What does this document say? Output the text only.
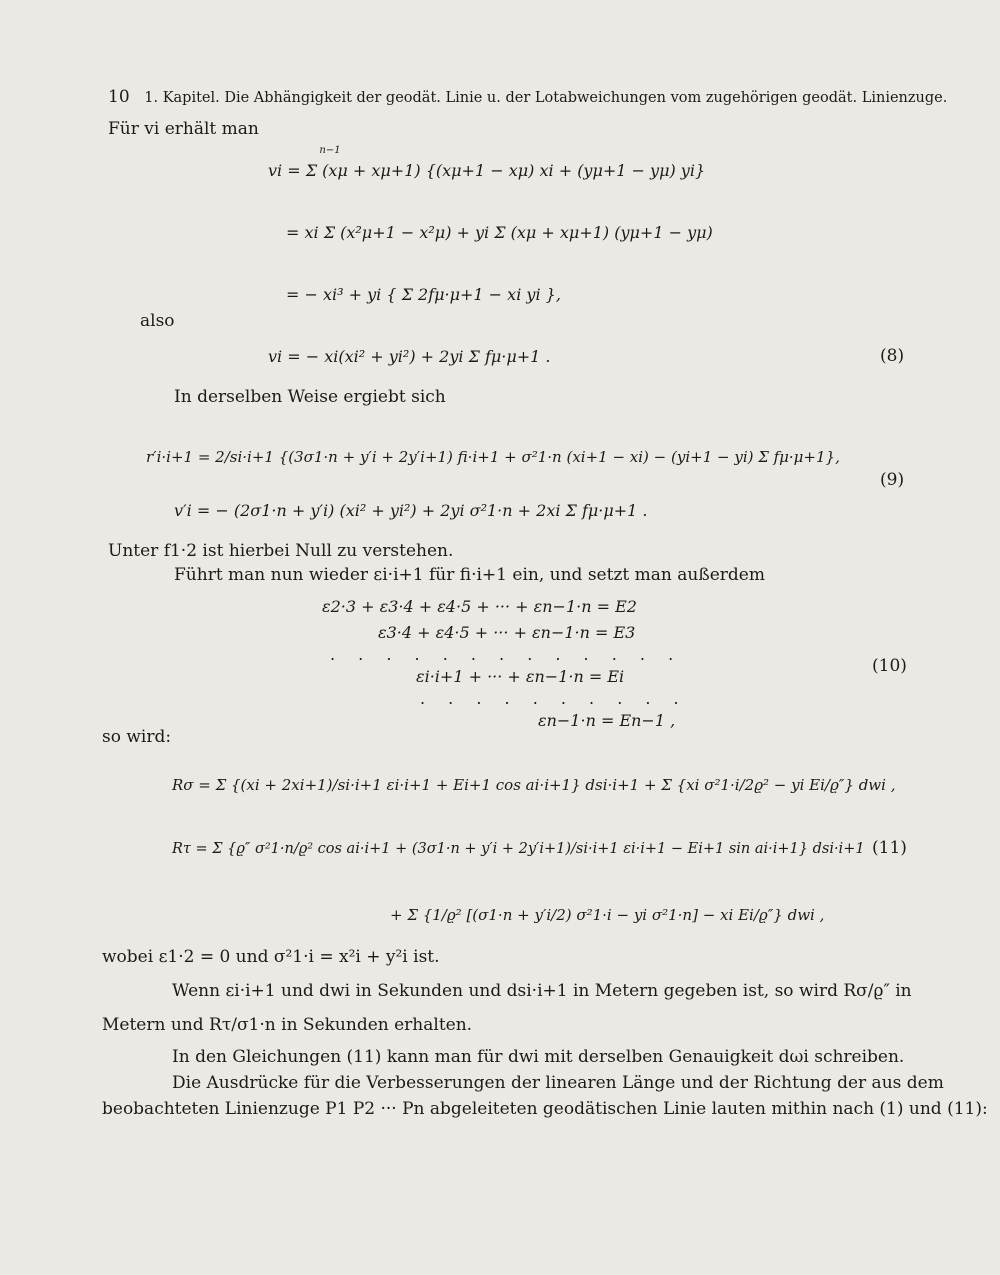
10 1. Kapitel. Die Abhängigkeit der geodät. Linie u. der Lotabweichungen vom zugehörigen geodät. Linienzuge.
Für vi erhält man
vi = Σ (xμ + xμ+1) {(xμ+1 − xμ) xi + (yμ+1 − yμ) yi}
n−1
= xi Σ (x²μ+1 − x²μ) + yi Σ (xμ + xμ+1) (yμ+1 − yμ)
= − xi³ + yi { Σ 2fμ·μ+1 − xi yi },
also
vi = − xi(xi² + yi²) + 2yi Σ fμ·μ+1 .	(8)
In derselben Weise ergiebt sich
r′i·i+1 = 2/si·i+1 {(3σ1·n + y′i + 2y′i+1) fi·i+1 + σ²1·n (xi+1 − xi) − (yi+1 − yi) Σ fμ·μ+1},
v′i = − (2σ1·n + y′i) (xi² + yi²) + 2yi σ²1·n + 2xi Σ fμ·μ+1 .
(9)
Unter f1·2 ist hierbei Null zu verstehen.
Führt man nun wieder εi·i+1 für fi·i+1 ein, und setzt man außerdem
ε2·3 + ε3·4 + ε4·5 + ··· + εn−1·n = E2
ε3·4 + ε4·5 + ··· + εn−1·n = E3
. . . . . . . . . . . . .
εi·i+1 + ··· + εn−1·n = Ei
. . . . . . . . . .
εn−1·n = En−1 ,
(10)
so wird:
Rσ = Σ {(xi + 2xi+1)/si·i+1 εi·i+1 + Ei+1 cos ai·i+1} dsi·i+1 + Σ {xi σ²1·i/2ϱ² − yi Ei/ϱ″} dwi ,
Rτ = Σ {ϱ″ σ²1·n/ϱ² cos ai·i+1 + (3σ1·n + y′i + 2y′i+1)/si·i+1 εi·i+1 − Ei+1 sin ai·i+1} dsi·i+1 (11)
+ Σ {1/ϱ² [(σ1·n + y′i/2) σ²1·i − yi σ²1·n] − xi Ei/ϱ″} dwi ,
wobei ε1·2 = 0 und σ²1·i = x²i + y²i ist.
Wenn εi·i+1 und dwi in Sekunden und dsi·i+1 in Metern gegeben ist, so wird Rσ/ϱ″ in
Metern und Rτ/σ1·n in Sekunden erhalten.
In den Gleichungen (11) kann man für dwi mit derselben Genauigkeit dωi schreiben.
Die Ausdrücke für die Verbesserungen der linearen Länge und der Richtung der aus dem
beobachteten Linienzuge P1 P2 ··· Pn abgeleiteten geodätischen Linie lauten mithin nach (1) und (11):
